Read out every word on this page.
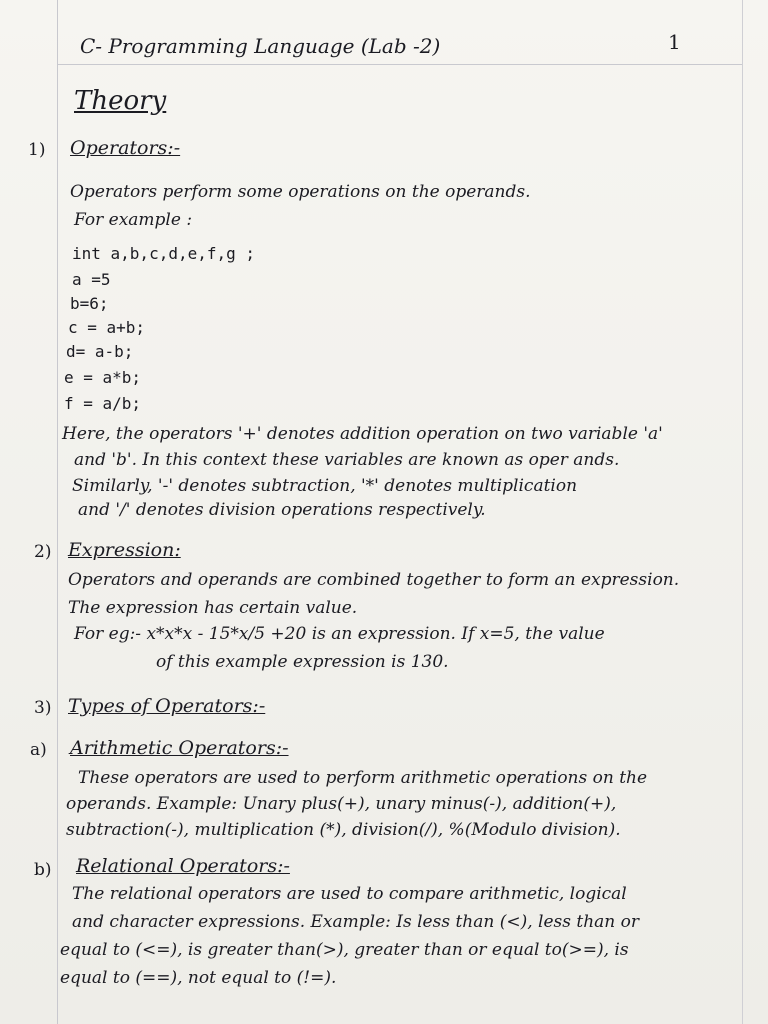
C- Programming Language (Lab -2)	1
Theory
1) Operators:-
Operators perform some operations on the operands.
For example :
int a,b,c,d,e,f,g ;
a =5
b=6;
c = a+b;
d= a-b;
e = a*b;
f = a/b;
Here, the operators '+' denotes addition operation on two variable 'a'
and 'b'. In this context these variables are known as oper ands.
Similarly, '-' denotes subtraction, '*' denotes multiplication
and '/' denotes division operations respectively.
2) Expression:
Operators and operands are combined together to form an expression.
The expression has certain value.
For eg:- x*x*x - 15*x/5 +20 is an expression. If x=5, the value
of this example expression is 130.
3) Types of Operators:-
a) Arithmetic Operators:-
These operators are used to perform arithmetic operations on the
operands. Example: Unary plus(+), unary minus(-), addition(+),
subtraction(-), multiplication (*), division(/), %(Modulo division).
b) Relational Operators:-
The relational operators are used to compare arithmetic, logical
and character expressions. Example: Is less than (<), less than or
equal to (<=), is greater than(>), greater than or equal to(>=), is
equal to (==), not equal to (!=).
